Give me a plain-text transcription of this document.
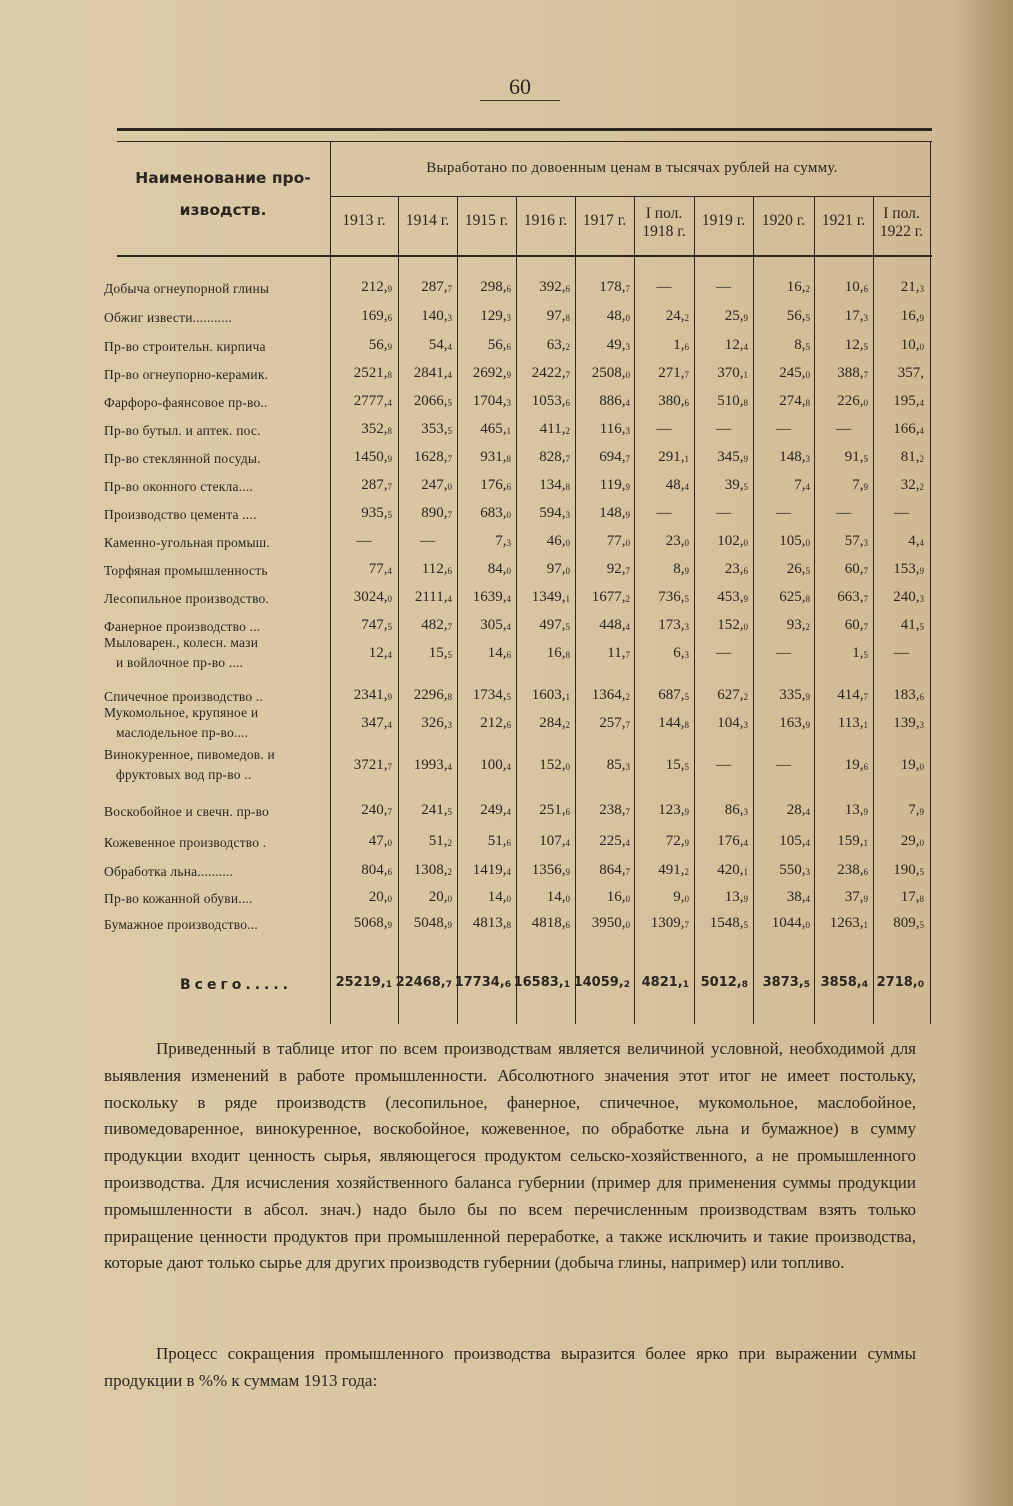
60
Наименование про-изводств.
Выработано по довоенным ценам в тысячах рублей на сумму.
1913 г.	1914 г.	1915 г.	1916 г.	1917 г.	I пол.
1918 г.
1919 г.	1920 г.	1921 г.	I пол.
1922 г.
Добыча огнеупорной глины	$212,_9$	$287,_7$	$298,_6$	$392,_6$	$178,_7$	—	—	$16,_2$	$10,_6$	$21,_3$
Обжиг извести...........	$169,_6$	$140,_3$	$129,_3$	$97,_8$	$48,_0$	$24,_2$	$25,_9$	$56,_5$	$17,_3$	$16,_9$
Пр-во строительн. кирпича	$56,_9$	$54,_4$	$56,_6$	$63,_2$	$49,_3$	$1,_6$	$12,_4$	$8,_5$	$12,_5$	$10,_0$
Пр-во огнеупорно-керамик.	$2521,_8$	$2841,_4$	$2692,_9$	$2422,_7$	$2508,_0$	$271,_7$	$370,_1$	$245,_0$	$388,_7$	357,
Фарфоро-фаянсовое пр-во..	$2777,_4$	$2066,_5$	$1704,_3$	$1053,_6$	$886,_4$	$380,_6$	$510,_8$	$274,_8$	$226,_0$	$195,_4$
Пр-во бутыл. и аптек. пос.	$352,_8$	$353,_5$	$465,_1$	$411,_2$	$116,_3$	—	—	—	—	$166,_4$
Пр-во стеклянной посуды.	$1450,_9$	$1628,_7$	$931,_8$	$828,_7$	$694,_7$	$291,_1$	$345,_9$	$148,_3$	$91,_5$	$81,_2$
Пр-во оконного стекла....	$287,_7$	$247,_0$	$176,_6$	$134,_8$	$119,_9$	$48,_4$	$39,_5$	$7,_4$	$7,_9$	$32,_2$
Производство цемента ....	$935,_5$	$890,_7$	$683,_0$	$594,_3$	$148,_9$	—	—	—	—	—
Каменно-угольная промыш.	—	—	$7,_3$	$46,_0$	$77,_0$	$23,_0$	$102,_0$	$105,_0$	$57,_3$	$4,_4$
Торфяная промышленность	$77,_4$	$112,_6$	$84,_0$	$97,_0$	$92,_7$	$8,_9$	$23,_6$	$26,_5$	$60,_7$	$153,_9$
Лесопильное производство.	$3024,_0$	$2111,_4$	$1639,_4$	$1349,_1$	$1677,_2$	$736,_5$	$453,_9$	$625,_8$	$663,_7$	$240,_3$
Фанерное производство ...	$747,_5$	$482,_7$	$305,_4$	$497,_5$	$448,_4$	$173,_3$	$152,_0$	$93,_2$	$60,_7$	$41,_5$
Мыловарен., колесн. мази
и войлочное пр-во ....
$12,_4$	$15,_5$	$14,_6$	$16,_8$	$11,_7$	$6,_3$	—	—	$1,_5$	—
Спичечное производство ..	$2341,_9$	$2296,_8$	$1734,_5$	$1603,_1$	$1364,_2$	$687,_5$	$627,_2$	$335,_9$	$414,_7$	$183,_6$
Мукомольное, крупяное и
маслодельное пр-во....
$347,_4$	$326,_3$	$212,_6$	$284,_2$	$257,_7$	$144,_8$	$104,_3$	$163,_9$	$113,_1$	$139,_3$
Винокуренное, пивомедов. и
фруктовых вод пр-во ..
$3721,_7$	$1993,_4$	$100,_4$	$152,_0$	$85,_3$	$15,_5$	—	—	$19,_6$	$19,_0$
Воскобойное и свечн. пр-во	$240,_7$	$241,_5$	$249,_4$	$251,_6$	$238,_7$	$123,_9$	$86,_3$	$28,_4$	$13,_9$	$7,_9$
Кожевенное производство .	$47,_0$	$51,_2$	$51,_6$	$107,_4$	$225,_4$	$72,_9$	$176,_4$	$105,_4$	$159,_1$	$29,_0$
Обработка льна..........	$804,_6$	$1308,_2$	$1419,_4$	$1356,_9$	$864,_7$	$491,_2$	$420,_1$	$550,_3$	$238,_6$	$190,_5$
Пр-во кожанной обуви....	$20,_0$	$20,_0$	$14,_0$	$14,_0$	$16,_0$	$9,_0$	$13,_9$	$38,_4$	$37,_9$	$17,_8$
Бумажное производство...	$5068,_9$	$5048,_9$	$4813,_8$	$4818,_6$	$3950,_0$	$1309,_7$	$1548,_5$	$1044,_0$	$1263,_1$	$809,_5$
Всего.....	$25219,_1$ $22468,_7$ $17734,_6$ $16583,_1$ $14059,_2$ $4821,_1$ $5012,_8$	$3873,_5$ $3858,_4$ $2718,_0$
Приведенный в таблице итог по всем производствам является величиной условной, необходимой для выявления изменений в работе промышленности. Абсолютного значения этот итог не имеет постольку, поскольку в ряде производств (лесопильное, фанерное, спичечное, мукомольное, маслобойное, пивомедоваренное, винокуренное, воскобойное, кожевенное, по обработке льна и бумажное) в сумму продукции входит ценность сырья, являющегося продуктом сельско-хозяйственного, а не промышленного производства. Для исчисления хозяйственного баланса губернии (пример для применения суммы продукции промышленности в абсол. знач.) надо было бы по всем перечисленным производствам взять только приращение ценности продуктов при промышленной переработке, а также исключить и такие производства, которые дают только сырье для других производств губернии (добыча глины, например) или топливо.
Процесс сокращения промышленного производства выразится более ярко при выражении суммы продукции в %% к суммам 1913 года:
